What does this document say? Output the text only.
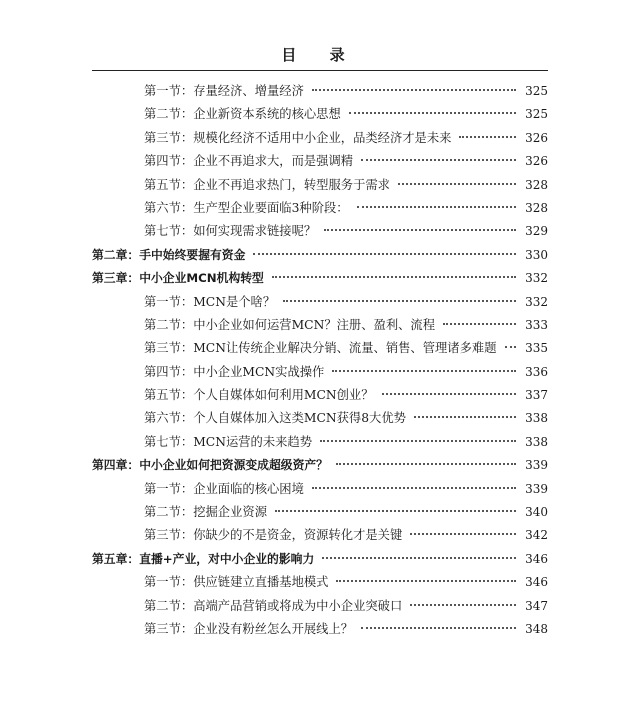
目 录
第一节： 存量经济、增量经济	325
第二节： 企业新资本系统的核心思想	325
第三节： 规模化经济不适用中小企业，品类经济才是未来	326
第四节： 企业不再追求大，而是强调精	326
第五节： 企业不再追求热门，转型服务于需求	328
第六节： 生产型企业要面临3种阶段：	328
第七节： 如何实现需求链接呢？	329
第二章： 手中始终要握有资金	330
第三章： 中小企业MCN机构转型	332
第一节： MCN是个啥？	332
第二节： 中小企业如何运营MCN？注册、盈利、流程	333
第三节： MCN让传统企业解决分销、流量、销售、管理诸多难题 335
第四节： 中小企业MCN实战操作	336
第五节： 个人自媒体如何利用MCN创业？	337
第六节： 个人自媒体加入这类MCN获得8大优势	338
第七节： MCN运营的未来趋势	338
第四章： 中小企业如何把资源变成超级资产？	339
第一节： 企业面临的核心困境	339
第二节： 挖掘企业资源	340
第三节： 你缺少的不是资金，资源转化才是关键	342
第五章： 直播+产业，对中小企业的影响力	346
第一节： 供应链建立直播基地模式	346
第二节： 高端产品营销或将成为中小企业突破口	347
第三节： 企业没有粉丝怎么开展线上？	348
